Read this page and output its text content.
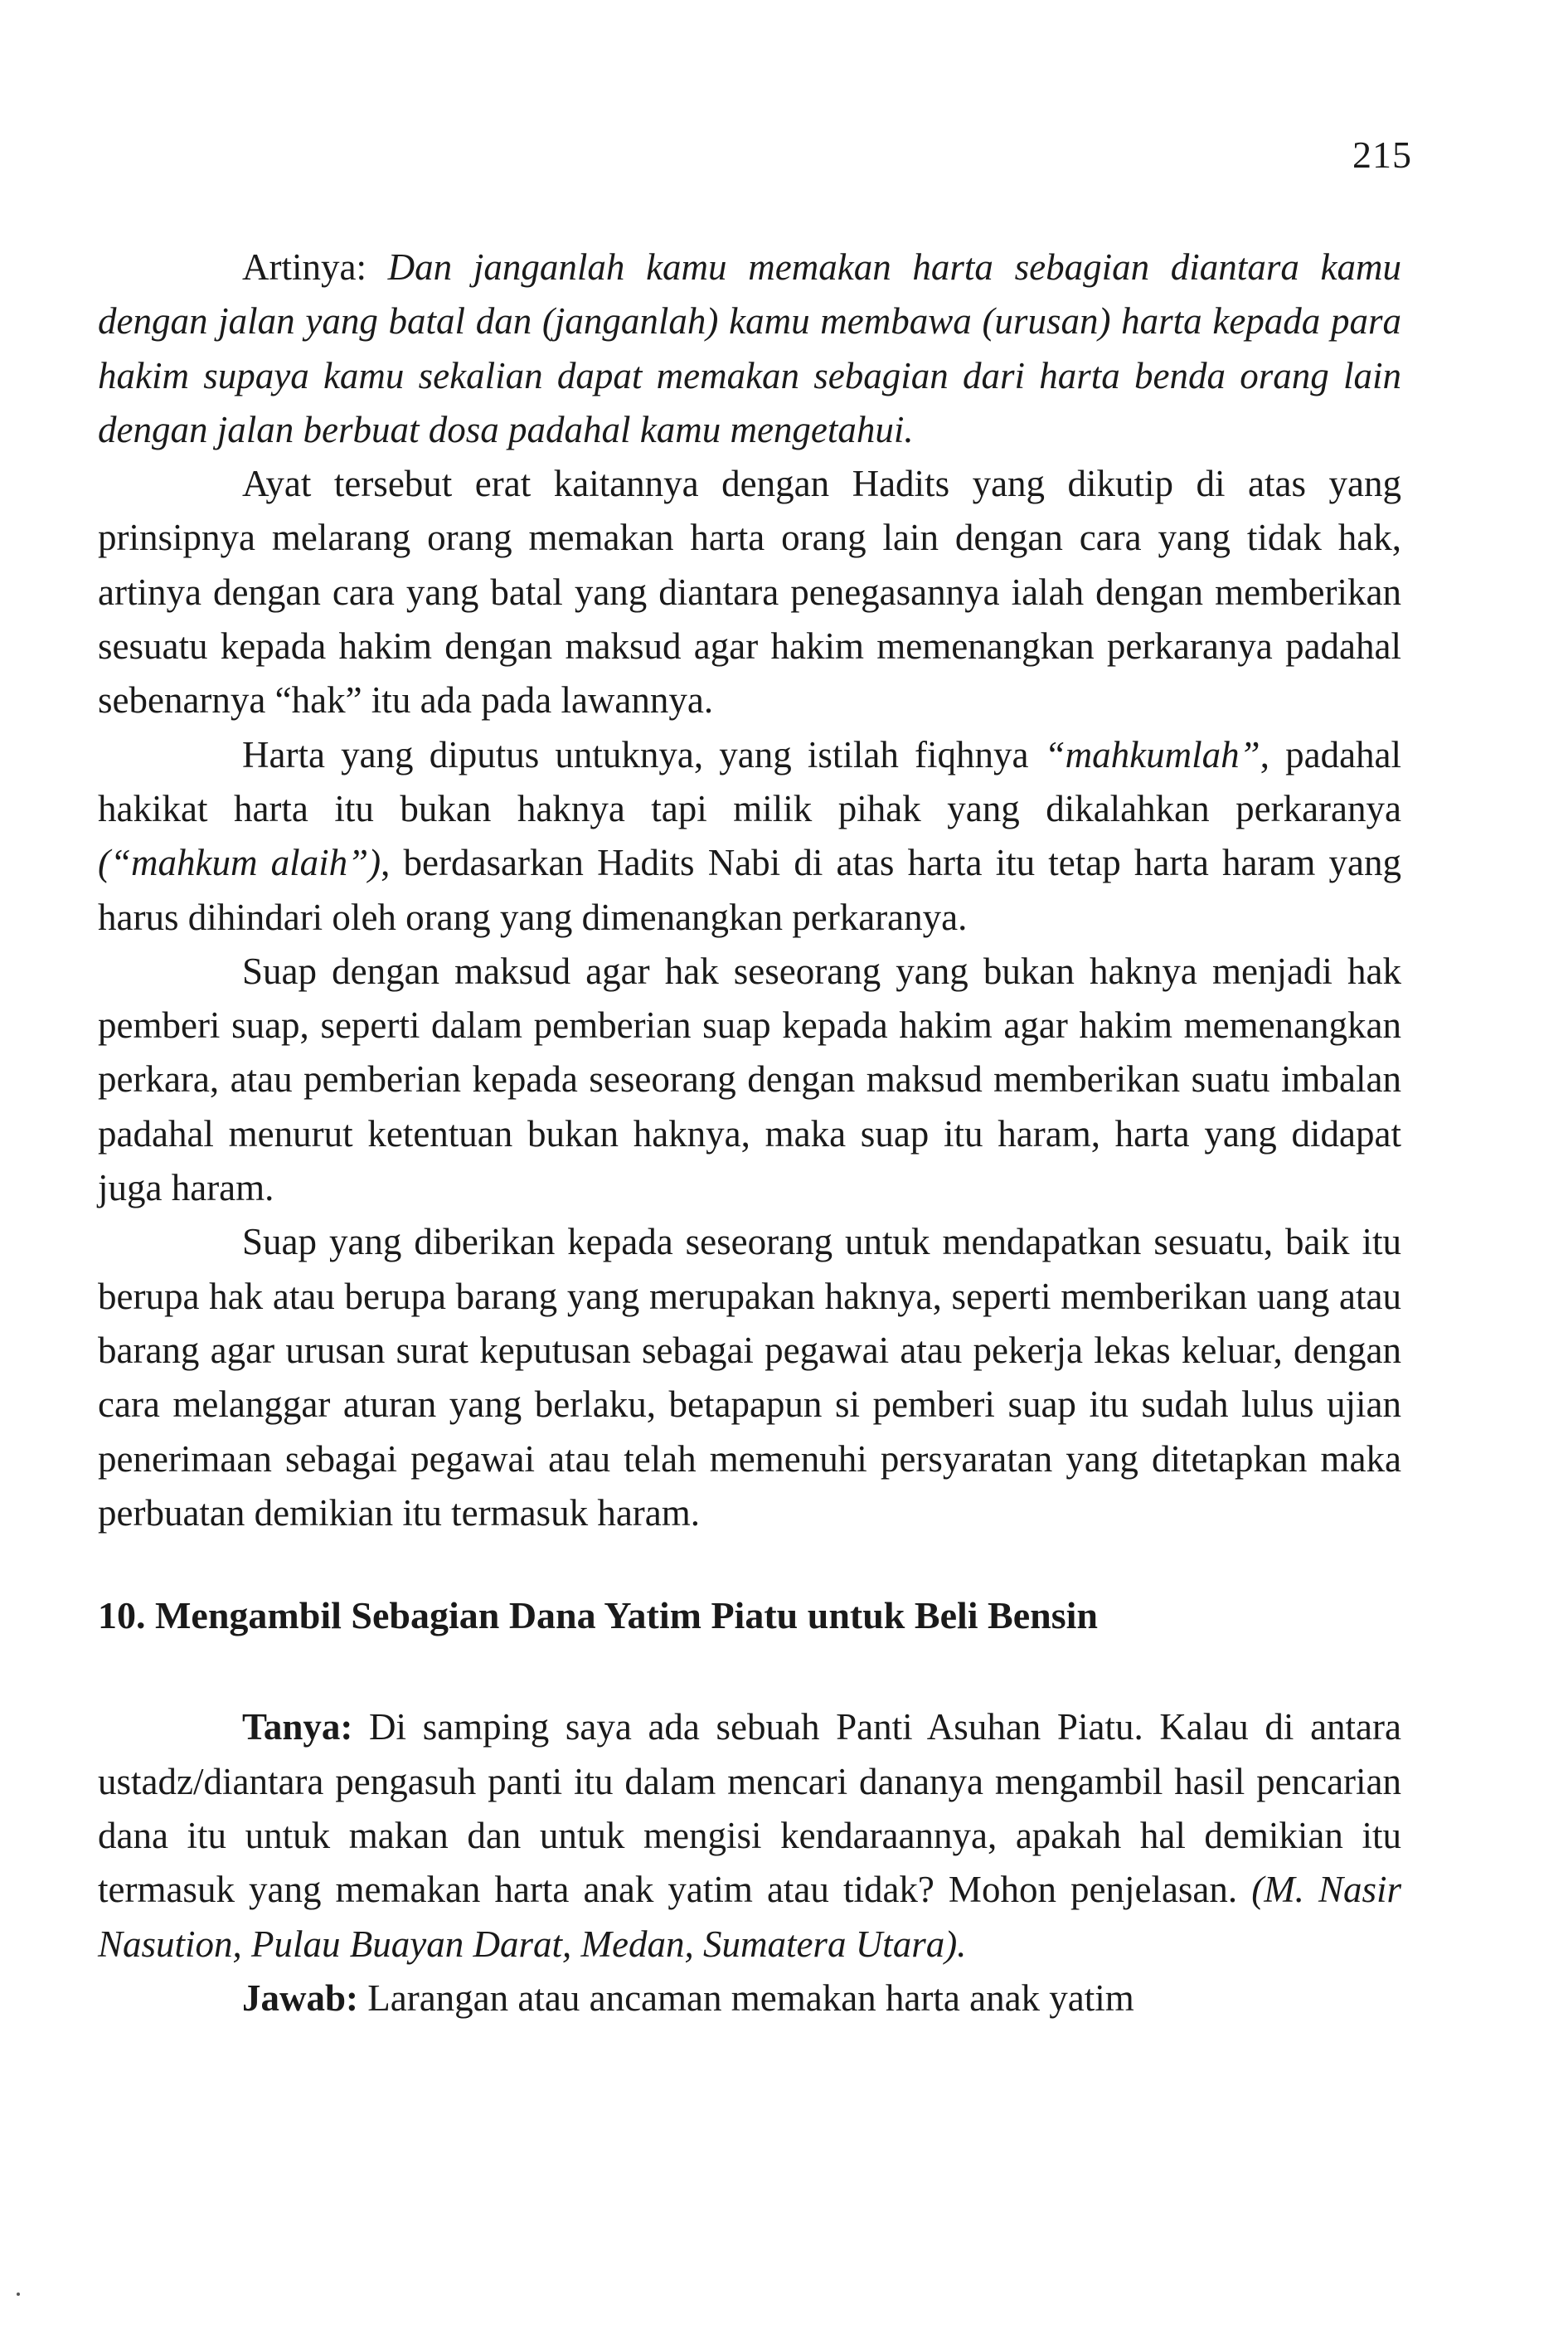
215

Artinya: Dan janganlah kamu memakan harta sebagian diantara kamu dengan jalan yang batal dan (janganlah) kamu membawa (urusan) harta kepada para hakim supaya kamu sekalian dapat memakan sebagian dari harta benda orang lain dengan jalan berbuat dosa padahal kamu mengetahui.

Ayat tersebut erat kaitannya dengan Hadits yang dikutip di atas yang prinsipnya melarang orang memakan harta orang lain dengan cara yang tidak hak, artinya dengan cara yang batal yang diantara penegasannya ialah dengan memberikan sesuatu kepada hakim dengan maksud agar hakim memenangkan perkaranya padahal sebenarnya “hak” itu ada pada lawannya.

Harta yang diputus untuknya, yang istilah fiqhnya “mahkumlah”, padahal hakikat harta itu bukan haknya tapi milik pihak yang dikalahkan perkaranya (“mahkum alaih”), berdasarkan Hadits Nabi di atas harta itu tetap harta haram yang harus dihindari oleh orang yang dimenangkan perkaranya.

Suap dengan maksud agar hak seseorang yang bukan haknya menjadi hak pemberi suap, seperti dalam pemberian suap kepada hakim agar hakim memenangkan perkara, atau pemberian kepada seseorang dengan maksud memberikan suatu imbalan padahal menurut ketentuan bukan haknya, maka suap itu haram, harta yang didapat juga haram.

Suap yang diberikan kepada seseorang untuk mendapatkan sesuatu, baik itu berupa hak atau berupa barang yang merupakan haknya, seperti memberikan uang atau barang agar urusan surat keputusan sebagai pegawai atau pekerja lekas keluar, dengan cara melanggar aturan yang berlaku, betapapun si pemberi suap itu sudah lulus ujian penerimaan sebagai pegawai atau telah memenuhi persyaratan yang ditetapkan maka perbuatan demikian itu termasuk haram.

10. Mengambil Sebagian Dana Yatim Piatu untuk Beli Bensin

Tanya: Di samping saya ada sebuah Panti Asuhan Piatu. Kalau di antara ustadz/diantara pengasuh panti itu dalam mencari dananya mengambil hasil pencarian dana itu untuk makan dan untuk mengisi kendaraannya, apakah hal demikian itu termasuk yang memakan harta anak yatim atau tidak? Mohon penjelasan. (M. Nasir Nasution, Pulau Buayan Darat, Medan, Sumatera Utara).

Jawab: Larangan atau ancaman memakan harta anak yatim
